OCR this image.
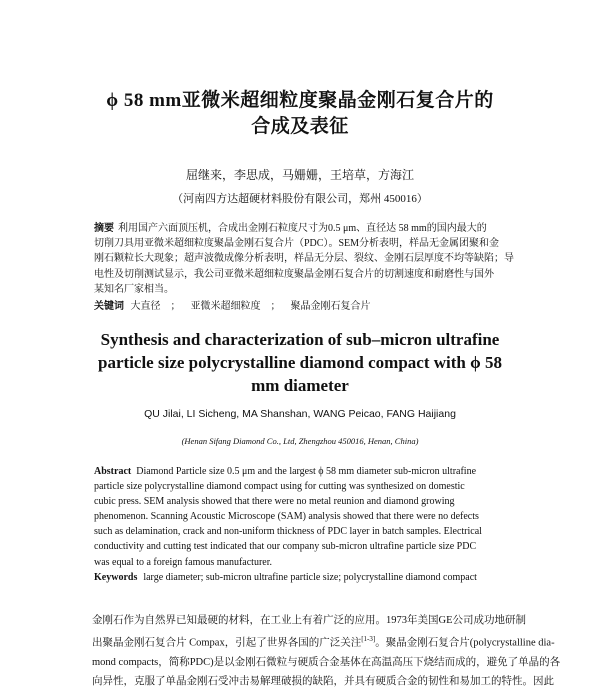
ϕ 58 mm亚微米超细粒度聚晶金刚石复合片的
合成及表征
屈继来，李思成，马姗姗，王培草，方海江
（河南四方达超硬材料股份有限公司，郑州 450016）
摘要 利用国产六面顶压机，合成出金刚石粒度尺寸为0.5 μm、直径达 58 mm的国内最大的
切削刀具用亚微米超细粒度聚晶金刚石复合片（PDC）。SEM分析表明，样品无金属团聚和金
刚石颗粒长大现象；超声波微成像分析表明，样品无分层、裂纹、金刚石层厚度不均等缺陷；导
电性及切削测试显示，我公司亚微米超细粒度聚晶金刚石复合片的切割速度和耐磨性与国外
某知名厂家相当。
关键词 大直径 ； 亚微米超细粒度 ； 聚晶金刚石复合片
Synthesis and characterization of sub–micron ultrafine
particle size polycrystalline diamond compact with ϕ 58
mm diameter
QU Jilai, LI Sicheng, MA Shanshan, WANG Peicao, FANG Haijiang
(Henan Sifang Diamond Co., Ltd, Zhengzhou 450016, Henan, China)
Abstract Diamond Particle size 0.5 μm and the largest ϕ 58 mm diameter sub-micron ultrafine
particle size polycrystalline diamond compact using for cutting was synthesized on domestic
cubic press. SEM analysis showed that there were no metal reunion and diamond growing
phenomenon. Scanning Acoustic Microscope (SAM) analysis showed that there were no defects
such as delamination, crack and non-uniform thickness of PDC layer in batch samples. Electrical
conductivity and cutting test indicated that our company sub-micron ultrafine particle size PDC
was equal to a foreign famous manufacturer.
Keywords large diameter; sub-micron ultrafine particle size; polycrystalline diamond compact
金刚石作为自然界已知最硬的材料，在工业上有着广泛的应用。1973年美国GE公司成功地研制
出聚晶金刚石复合片 Compax，引起了世界各国的广泛关注[1-3]。聚晶金刚石复合片(polycrystalline dia-
mond compacts，简称PDC)是以金刚石微粒与硬质合金基体在高温高压下烧结而成的，避免了单晶的各
向异性，克服了单晶金刚石受冲击易解理破损的缺陷，并具有硬质合金的韧性和易加工的特性。因此
